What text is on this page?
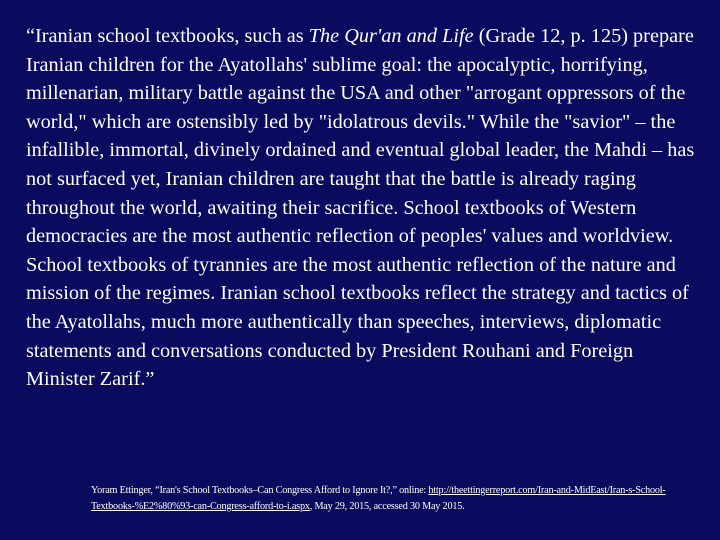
“Iranian school textbooks, such as The Qur'an and Life (Grade 12, p. 125) prepare Iranian children for the Ayatollahs' sublime goal: the apocalyptic, horrifying, millenarian, military battle against the USA and other "arrogant oppressors of the world," which are ostensibly led by "idolatrous devils." While the "savior" – the infallible, immortal, divinely ordained and eventual global leader, the Mahdi – has not surfaced yet, Iranian children are taught that the battle is already raging throughout the world, awaiting their sacrifice. School textbooks of Western democracies are the most authentic reflection of peoples' values and worldview. School textbooks of tyrannies are the most authentic reflection of the nature and mission of the regimes. Iranian school textbooks reflect the strategy and tactics of the Ayatollahs, much more authentically than speeches, interviews, diplomatic statements and conversations conducted by President Rouhani and Foreign Minister Zarif.”

Yoram Ettinger, “Iran's School Textbooks–Can Congress Afford to Ignore It?,” online: http://theettingerreport.com/Iran-and-MidEast/Iran-s-School-Textbooks-%E2%80%93-can-Congress-afford-to-i.aspx, May 29, 2015, accessed 30 May 2015.
